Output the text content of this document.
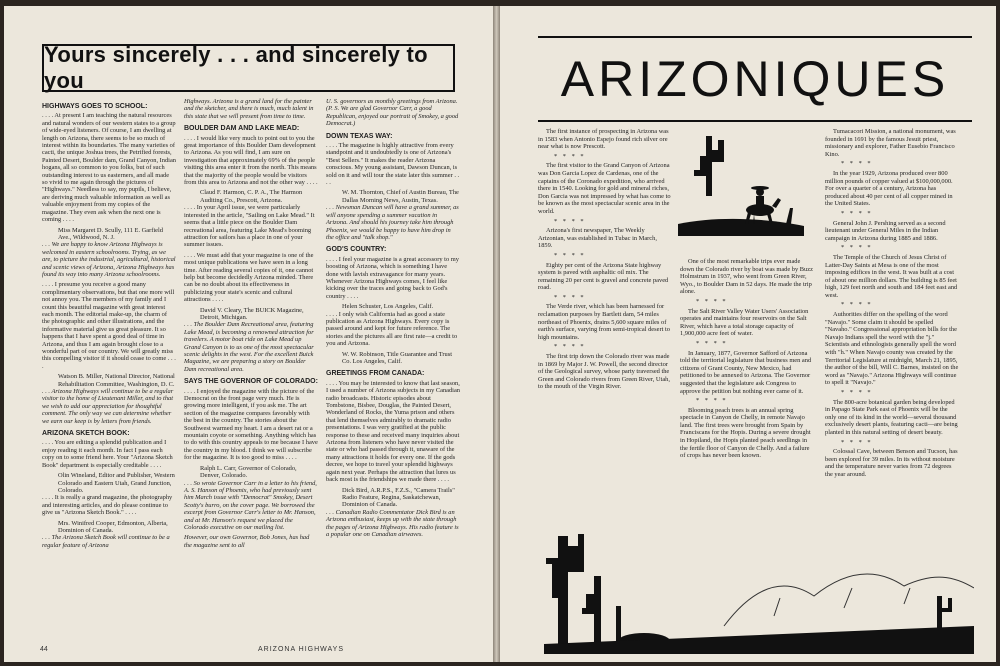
Yours sincerely . . . and sincerely to you

HIGHWAYS GOES TO SCHOOL:

. . . . At present I am teaching the natural resources and natural wonders of our western states to a group of wide-eyed listeners. Of course, I am dwelling at length on Arizona, there seems to be so much of interest within its boundaries. The many varieties of cacti, the unique Joshua trees, the Petrified forests, Painted Desert, Boulder dam, Grand Canyon, Indian hogans, all so common to you folks, but of such outstanding interest to us easterners, and all made so vivid to me again through the pictures of "Highways." Needless to say, my pupils, I believe, are deriving much valuable information as well as valuable enjoyment from my copies of the magazine. They even ask when the next one is coming . . . .

Miss Margaret D. Scully, 111 E. Garfield Ave., Wildwood, N. J.

. . . We are happy to know Arizona Highways is welcomed in eastern schoolrooms. Trying, as we are, to picture the industrial, agricultural, historical and scenic views of Arizona, Arizona Highways has found its way into many Arizona schoolrooms.

. . . . I presume you receive a good many complimentary observations, but that one more will not annoy you. The members of my family and I count this beautiful magazine with great interest each month. The editorial make-up, the charm of the photographic and other illustrations, and the informative material give us great pleasure. It so happens that I have spent a good deal of time in Arizona, and thus I am again brought close to a wonderful part of our country. We will greatly miss this compelling visitor if it should cease to come . . . .

Watson B. Miller, National Director, National Rehabilitation Committee, Washington, D. C.

. . . Arizona Highways will continue to be a regular visitor to the home of Lieutenant Miller, and to that we wish to add our appreciation for thoughtful comment. The only way we can determine whether we earn our keep is by letters from friends.

ARIZONA SKETCH BOOK:

. . . . You are editing a splendid publication and I enjoy reading it each month. In fact I pass each copy on to some friend here. Your "Arizona Sketch Book" department is especially creditable . . . .

Olin Wineland, Editor and Publisher, Western Colorado and Eastern Utah, Grand Junction, Colorado.

. . . . It is really a grand magazine, the photography and interesting articles, and do please continue to give us "Arizona Sketch Book." . . . .

Mrs. Winifred Cooper, Edmonton, Alberta, Dominion of Canada.

. . . The Arizona Sketch Book will continue to be a regular feature of Arizona

Highways. Arizona is a grand land for the painter and the sketcher, and there is much, much talent in this state that we will present from time to time.

BOULDER DAM AND LAKE MEAD:

. . . . I would like very much to point out to you the great importance of this Boulder Dam development to Arizona. As you will find, I am sure on investigation that approximately 69% of the people visiting this area enter it from the north. This means that the majority of the people would be visitors from this area to Arizona and not the other way . . . .

Claud F. Harmon, C. P. A., The Harmon Auditing Co., Prescott, Arizona.

. . . . In your April issue, we were particularly interested in the article, "Sailing on Lake Mead." It seems that a little piece on the Boulder Dam recreational area, featuring Lake Mead's booming attraction for sailors has a place in one of your summer issues.

. . . . We must add that your magazine is one of the most unique publications we have seen in a long time. After reading several copies of it, one cannot help but become decidedly Arizona minded. There can be no doubt about its effectiveness in publicizing your state's scenic and cultural attractions . . . .

David V. Cleary, The BUICK Magazine, Detroit, Michigan.

. . . The Boulder Dam Recreational area, featuring Lake Mead, is becoming a renowned attraction for travelers. A motor boat ride on Lake Mead up Grand Canyon is to us one of the most spectacular scenic delights in the west. For the excellent Buick Magazine, we are preparing a story on Boulder Dam recreational area.

SAYS THE GOVERNOR OF COLORADO:

. . . . I enjoyed the magazine with the picture of the Democrat on the front page very much. He is growing more intelligent, if you ask me. The art section of the magazine compares favorably with the best in the country. The stories about the Southwest warmed my heart. I am a desert rat or a mountain coyote or something. Anything which has to do with this country appeals to me because I have the country in my blood. I think we will subscribe for the magazine. It is too good to miss . . . .

Ralph L. Carr, Governor of Colorado, Denver, Colorado.

. . . So wrote Governor Carr in a letter to his friend, A. S. Hanson of Phoenix, who had previously sent him March issue with "Democrat" Smokey, Desert Scotty's burro, on the cover page. We borrowed the excerpt from Governor Carr's letter to Mr. Hanson, and at Mr. Hanson's request we placed the Colorado executive on our mailing list.

However, our own Governor, Bob Jones, has had the magazine sent to all

U. S. governors as monthly greetings from Arizona. (P. S. We are glad Governor Carr, a good Republican, enjoyed our portrait of Smokey, a good Democrat.)

DOWN TEXAS WAY:

. . . . The magazine is highly attractive from every standpoint and it undoubtedly is one of Arizona's "Best Sellers." It makes the reader Arizona conscious. My young assistant, Dawson Duncan, is sold on it and will tour the state later this summer . . . .

W. M. Thornton, Chief of Austin Bureau, The Dallas Morning News, Austin, Texas.

. . . Newsman Duncan will have a grand summer, as will anyone spending a summer vacation in Arizona. And should his journey take him through Phoenix, we would be happy to have him drop in the office and "talk shop."

GOD'S COUNTRY:

. . . . I feel your magazine is a great accessory to my boosting of Arizona, which is something I have done with lavish extravagance for many years. Whenever Arizona Highways comes, I feel like kicking over the traces and going back to God's country . . . .

Helen Schuster, Los Angeles, Calif.

. . . . I only wish California had as good a state publication as Arizona Highways. Every copy is passed around and kept for future reference. The stories and the pictures all are first rate—a credit to you and Arizona.

W. W. Robinson, Title Guarantee and Trust Co. Los Angeles, Calif.

GREETINGS FROM CANADA:

. . . . You may be interested to know that last season, I used a number of Arizona subjects in my Canadian radio broadcasts. Historic episodes about Tombstone, Bisbee, Douglas, the Painted Desert, Wonderland of Rocks, the Yuma prison and others that lend themselves admirably to dramatic radio presentations. I was very gratified at the public response to these and received many inquiries about Arizona from listeners who have never visited the state or who had passed through it, unaware of the many attractions it holds for every one. If the gods decree, we hope to travel your splendid highways again next year. Perhaps the attraction that lures us back most is the friendships we made there . . . .

Dick Bird, A.R.P.S., F.Z.S., "Camera Trails" Radio Feature, Regina, Saskatchewan, Dominion of Canada.

. . . Canadian Radio Commentator Dick Bird is an Arizona enthusiast, keeps up with the state through the pages of Arizona Highways. His radio feature is a popular one on Canadian airwaves.

44	ARIZONA HIGHWAYS
ARIZONIQUES

The first instance of prospecting in Arizona was in 1583 when Antonio Espejo found rich silver ore near what is now Prescott.

* * * *

The first visitor to the Grand Canyon of Arizona was Don Garcia Lopez de Cardenas, one of the captains of the Coronado expedition, who arrived there in 1540. Looking for gold and mineral riches, Don Garcia was not impressed by what has come to be known as the most spectacular scenic area in the world.

* * * *

Arizona's first newspaper, The Weekly Arizonian, was established in Tubac in March, 1859.

* * * *

Eighty per cent of the Arizona State highway system is paved with asphaltic oil mix. The remaining 20 per cent is gravel and concrete paved road.

* * * *

The Verde river, which has been harnessed for reclamation purposes by Bartlett dam, 54 miles northeast of Phoenix, drains 5,600 square miles of earth's surface, varying from semi-tropical desert to high mountains.

* * * *

The first trip down the Colorado river was made in 1869 by Major J. W. Powell, the second director of the Geological survey, whose party traversed the Green and Colorado rivers from Green River, Utah, to the mouth of the Virgin River.

One of the most remarkable trips ever made down the Colorado river by boat was made by Buzz Holmstrum in 1937, who went from Green River, Wyo., to Boulder Dam in 52 days. He made the trip alone.

* * * *

The Salt River Valley Water Users' Association operates and maintains four reservoirs on the Salt River, which have a total storage capacity of 1,900,000 acre feet of water.

* * * *

In January, 1877, Governor Safford of Arizona told the territorial legislature that business men and citizens of Grant County, New Mexico, had petitioned to be annexed to Arizona. The Governor suggested that the legislature ask Congress to approve the petition but nothing ever came of it.

* * * *

Blooming peach trees is an annual spring spectacle in Canyon de Chelly, in remote Navajo land. The first trees were brought from Spain by Franciscans for the Hopis. During a severe drought in Hopiland, the Hopis planted peach seedlings in the fertile floor of Canyon de Chelly. And a failure of crops has never been known.

Tumacacori Mission, a national monument, was founded in 1691 by the famous Jesuit priest, missionary and explorer, Father Eusebio Francisco Kino.

* * * *

In the year 1929, Arizona produced over 800 million pounds of copper valued at $100,000,000. For over a quarter of a century, Arizona has produced about 40 per cent of all copper mined in the United States.

* * * *

General John J. Pershing served as a second lieutenant under General Miles in the Indian campaign in Arizona during 1885 and 1886.

* * * *

The Temple of the Church of Jesus Christ of Latter-Day Saints at Mesa is one of the most imposing edifices in the west. It was built at a cost of about one million dollars. The building is 85 feet high, 129 feet north and south and 184 feet east and west.

* * * *

Authorities differ on the spelling of the word "Navajo." Some claim it should be spelled "Navaho." Congressional appropriation bills for the Navajo Indians spell the word with the "j." Scientists and ethnologists generally spell the word with "h." When Navajo county was created by the Territorial Legislature at midnight, March 21, 1895, the author of the bill, Will C. Barnes, insisted on the word as "Navajo." Arizona Highways will continue to spell it "Navajo."

* * * *

The 800-acre botanical garden being developed in Papago State Park east of Phoenix will be the only one of its kind in the world—several thousand exclusively desert plants, featuring cacti—are being planted in this natural setting of desert beauty.

* * * *

Colossal Cave, between Benson and Tucson, has been explored for 39 miles. In its without moisture and the temperature never varies from 72 degrees the year around.
